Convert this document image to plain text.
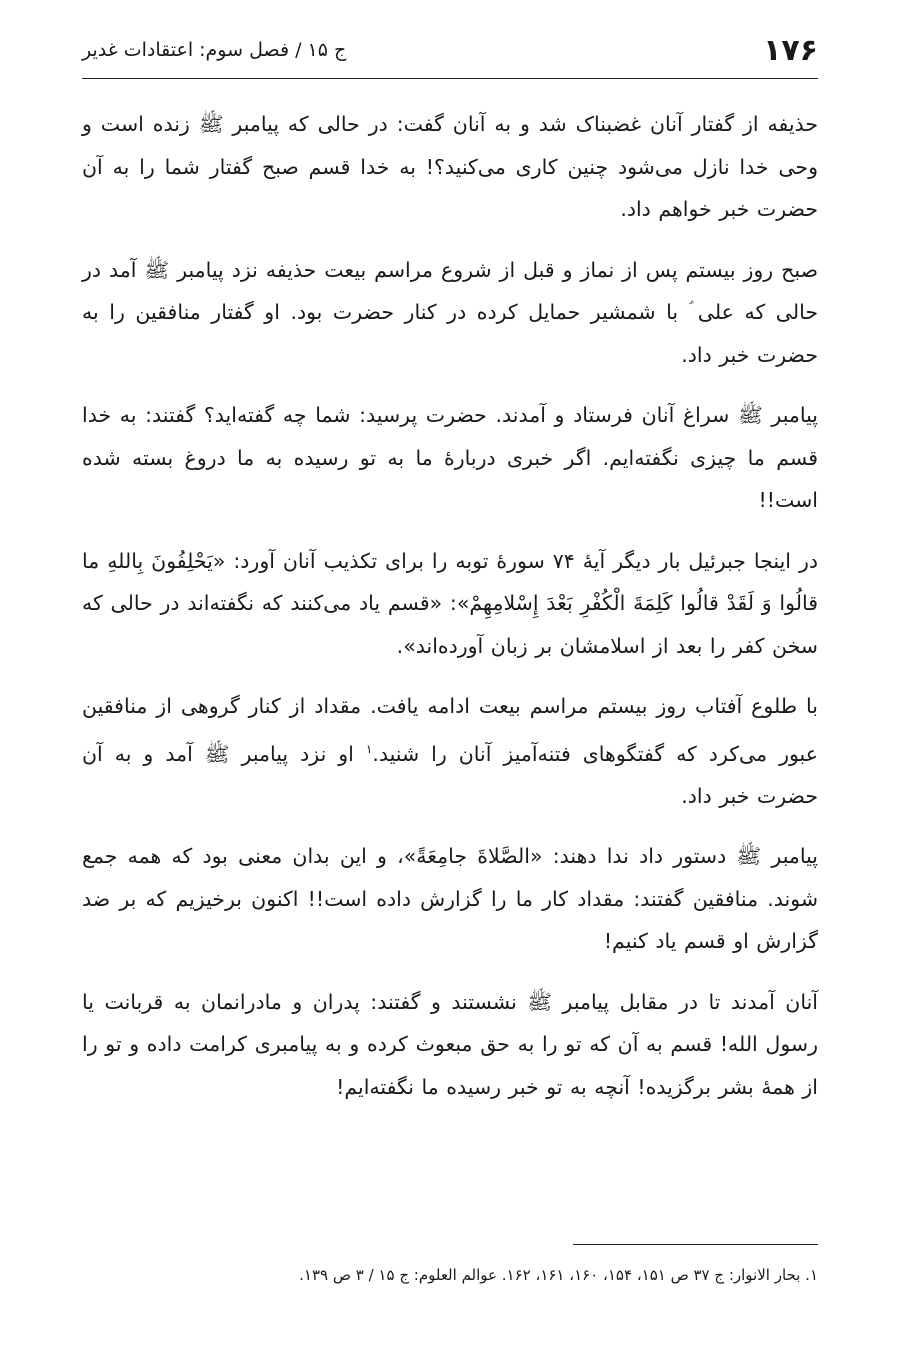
۱۷۶
ج ۱۵ / فصل سوم: اعتقادات غدیر

حذیفه از گفتار آنان غضبناک شد و به آنان گفت: در حالی که پیامبر ﷺ زنده است و وحی خدا نازل می‌شود چنین کاری می‌کنید؟! به خدا قسم صبح گفتار شما را به آن حضرت خبر خواهم داد.

صبح روز بیستم پس از نماز و قبل از شروع مراسم بیعت حذیفه نزد پیامبر ﷺ آمد در حالی که علی ؑ با شمشیر حمایل کرده در کنار حضرت بود. او گفتار منافقین را به حضرت خبر داد.

پیامبر ﷺ سراغ آنان فرستاد و آمدند. حضرت پرسید: شما چه گفته‌اید؟ گفتند: به خدا قسم ما چیزی نگفته‌ایم. اگر خبری دربارۀ ما به تو رسیده به ما دروغ بسته شده است!!

در اینجا جبرئیل بار دیگر آیۀ ۷۴ سورۀ توبه را برای تکذیب آنان آورد: «یَحْلِفُونَ بِاللهِ ما قالُوا وَ لَقَدْ قالُوا کَلِمَةَ الْکُفْرِ بَعْدَ إِسْلامِهِمْ»: «قسم یاد می‌کنند که نگفته‌اند در حالی که سخن کفر را بعد از اسلامشان بر زبان آورده‌اند».

با طلوع آفتاب روز بیستم مراسم بیعت ادامه یافت. مقداد از کنار گروهی از منافقین عبور می‌کرد که گفتگوهای فتنه‌آمیز آنان را شنید.$^۱$ او نزد پیامبر ﷺ آمد و به آن حضرت خبر داد.

پیامبر ﷺ دستور داد ندا دهند: «الصَّلاةَ جامِعَةً»، و این بدان معنی بود که همه جمع شوند. منافقین گفتند: مقداد کار ما را گزارش داده است!! اکنون برخیزیم که بر ضد گزارش او قسم یاد کنیم!

آنان آمدند تا در مقابل پیامبر ﷺ نشستند و گفتند: پدران و مادرانمان به قربانت یا رسول الله! قسم به آن که تو را به حق مبعوث کرده و به پیامبری کرامت داده و تو را از همۀ بشر برگزیده! آنچه به تو خبر رسیده ما نگفته‌ایم!

۱. بحار الانوار: ج ۳۷ ص ۱۵۱، ۱۵۴، ۱۶۰، ۱۶۱، ۱۶۲. عوالم العلوم: ج ۱۵ / ۳ ص ۱۳۹.
